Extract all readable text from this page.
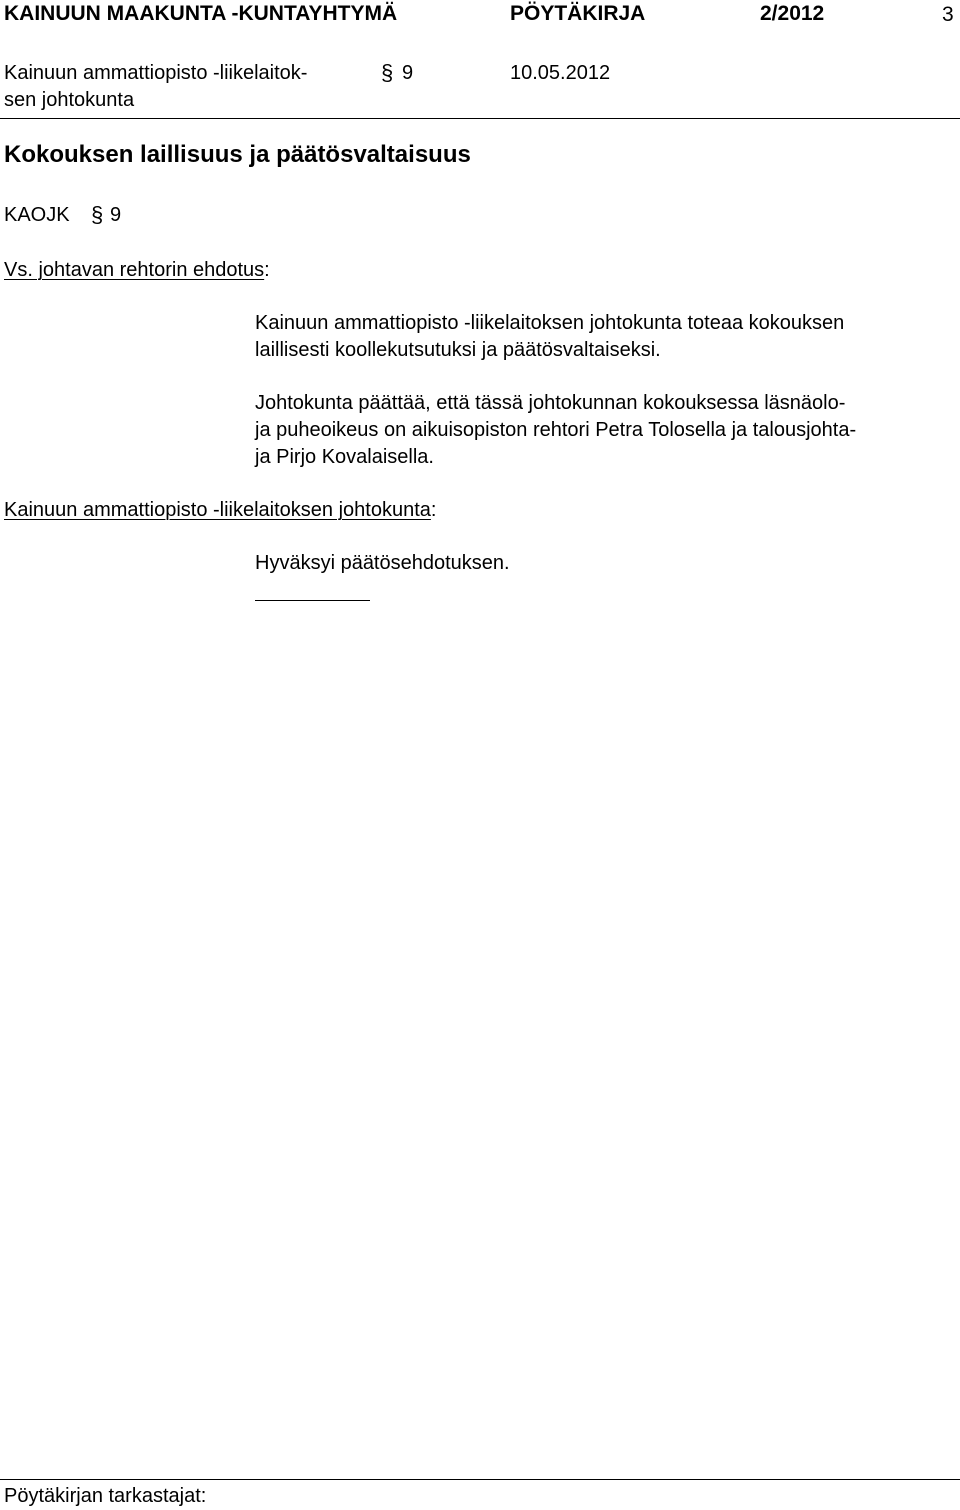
KAINUUN MAAKUNTA -KUNTAYHTYMÄ	PÖYTÄKIRJA	2/2012	3
Kainuun ammattiopisto -liikelaitok-
sen johtokunta
§ 9	10.05.2012
Kokouksen laillisuus ja päätösvaltaisuus
KAOJK § 9
Vs. johtavan rehtorin ehdotus:
Kainuun ammattiopisto -liikelaitoksen johtokunta toteaa kokouksen
laillisesti koollekutsutuksi ja päätösvaltaiseksi.
Johtokunta päättää, että tässä johtokunnan kokouksessa läsnäolo-
ja puheoikeus on aikuisopiston rehtori Petra Tolosella ja talousjohta-
ja Pirjo Kovalaisella.
Kainuun ammattiopisto -liikelaitoksen johtokunta:
Hyväksyi päätösehdotuksen.
Pöytäkirjan tarkastajat:
